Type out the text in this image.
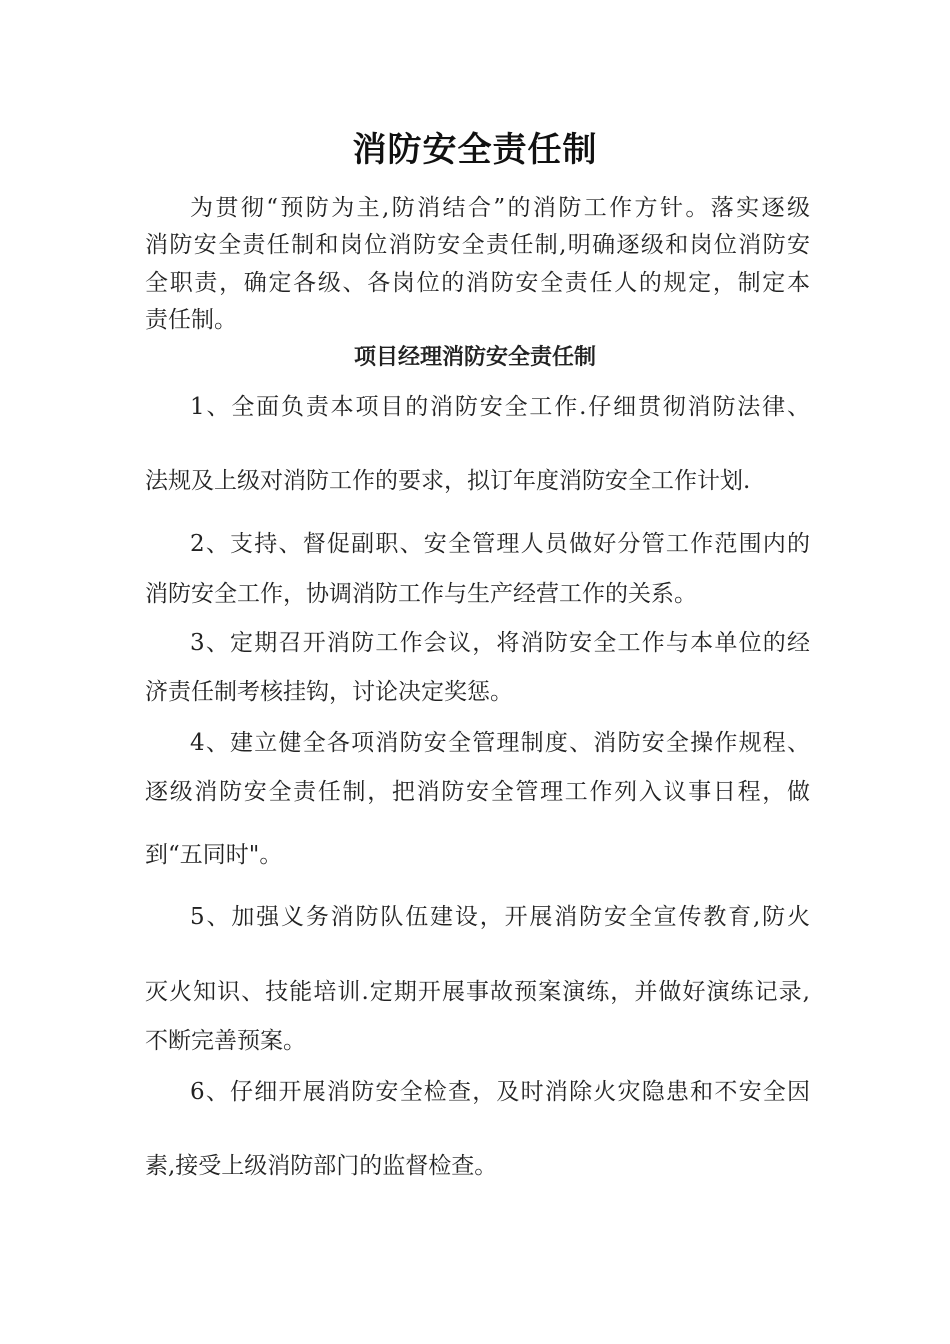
消防安全责任制
为贯彻“预防为主,防消结合”的消防工作方针。落实逐级
消防安全责任制和岗位消防安全责任制,明确逐级和岗位消防安
全职责，确定各级、各岗位的消防安全责任人的规定，制定本
责任制。
项目经理消防安全责任制
1、全面负责本项目的消防安全工作.仔细贯彻消防法律、
法规及上级对消防工作的要求，拟订年度消防安全工作计划.
2、支持、督促副职、安全管理人员做好分管工作范围内的
消防安全工作，协调消防工作与生产经营工作的关系。
3、定期召开消防工作会议，将消防安全工作与本单位的经
济责任制考核挂钩，讨论决定奖惩。
4、建立健全各项消防安全管理制度、消防安全操作规程、
逐级消防安全责任制，把消防安全管理工作列入议事日程，做
到“五同时"。
5、加强义务消防队伍建设，开展消防安全宣传教育,防火
灭火知识、技能培训.定期开展事故预案演练，并做好演练记录,
不断完善预案。
6、仔细开展消防安全检查，及时消除火灾隐患和不安全因
素,接受上级消防部门的监督检查。
